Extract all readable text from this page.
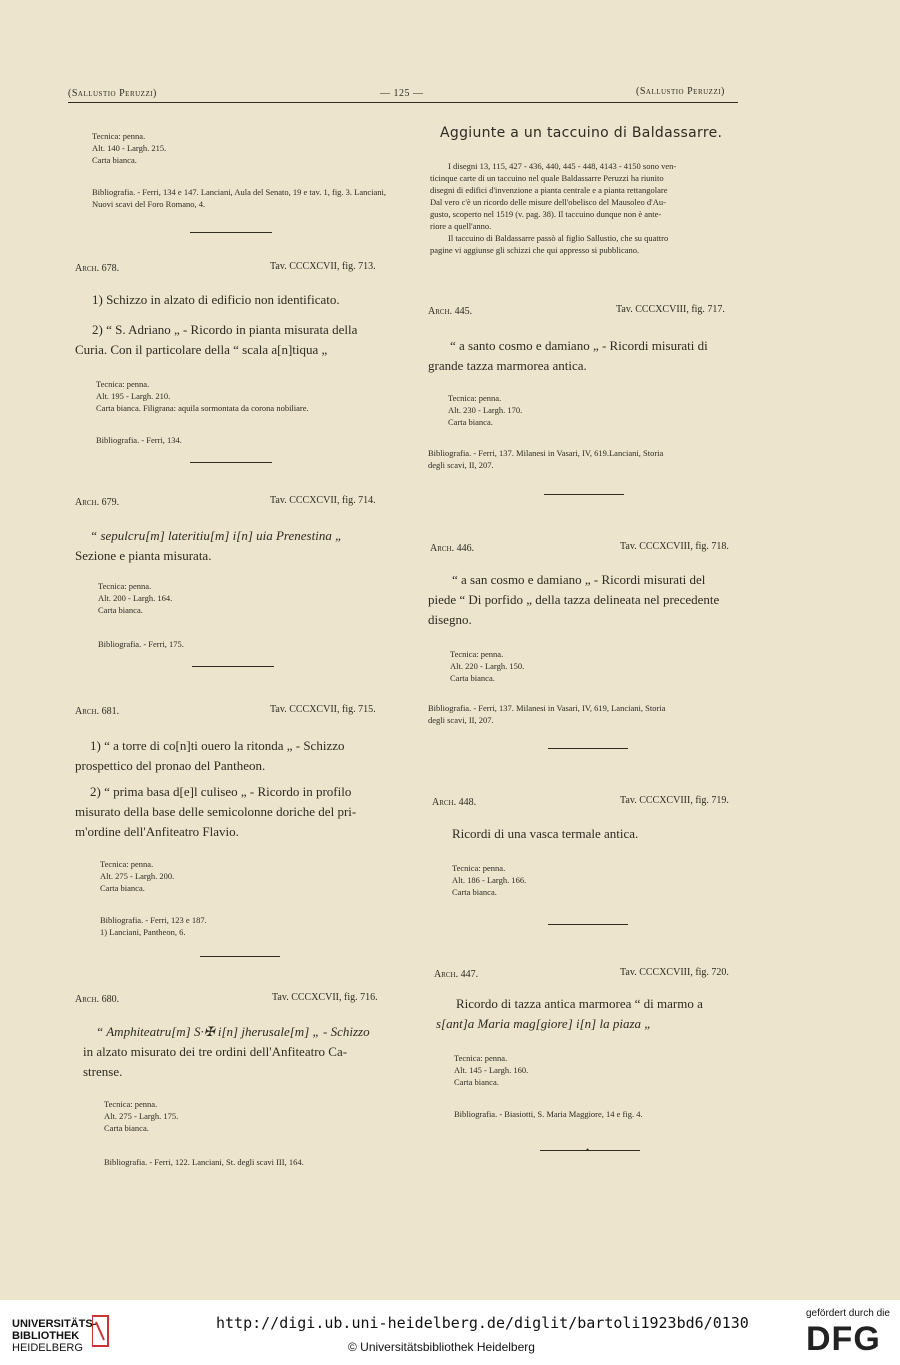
(Sallustio Peruzzi)	— 125 —	(Sallustio Peruzzi)
Tecnica: penna.
Alt. 140 - Largh. 215.
Carta bianca.
Bibliografia. - Ferri, 134 e 147. Lanciani, Aula del Senato, 19 e tav. 1, fig. 3. Lanciani, Nuovi scavi del Foro Romano, 4.
Arch. 678.	Tav. CCCXCVII, fig. 713.
1) Schizzo in alzato di edificio non identificato.
2) “ S. Adriano „ - Ricordo in pianta misurata della
Curia. Con il particolare della “ scala a[n]tiqua „
Tecnica: penna.
Alt. 195 - Largh. 210.
Carta bianca. Filigrana: aquila sormontata da corona nobiliare.
Bibliografia. - Ferri, 134.
Arch. 679.	Tav. CCCXCVII, fig. 714.
“ sepulcru[m] lateritiu[m] i[n] uia Prenestina „
Sezione e pianta misurata.
Tecnica: penna.
Alt. 200 - Largh. 164.
Carta bianca.
Bibliografia. - Ferri, 175.
Arch. 681.	Tav. CCCXCVII, fig. 715.
1) “ a torre di co[n]ti ouero la ritonda „ - Schizzo
prospettico del pronao del Pantheon.
2) “ prima basa d[e]l culiseo „ - Ricordo in profilo
misurato della base delle semicolonne doriche del pri-
m'ordine dell'Anfiteatro Flavio.
Tecnica: penna.
Alt. 275 - Largh. 200.
Carta bianca.
Bibliografia. - Ferri, 123 e 187.
1) Lanciani, Pantheon, 6.
Arch. 680.	Tav. CCCXCVII, fig. 716.
“ Amphiteatru[m] S·✠ i[n] jherusale[m] „ - Schizzo
in alzato misurato dei tre ordini dell'Anfiteatro Ca-
strense.
Tecnica: penna.
Alt. 275 - Largh. 175.
Carta bianca.
Bibliografia. - Ferri, 122. Lanciani, St. degli scavi III, 164.
Aggiunte a un taccuino di Baldassarre.
I disegni 13, 115, 427 - 436, 440, 445 - 448, 4143 - 4150 sono ven-
ticinque carte di un taccuino nel quale Baldassarre Peruzzi ha riunito
disegni di edifici d'invenzione a pianta centrale e a pianta rettangolare
Dal vero c'è un ricordo delle misure dell'obelisco del Mausoleo d'Au-
gusto, scoperto nel 1519 (v. pag. 38). Il taccuino dunque non è ante-
riore a quell'anno.
Il taccuino di Baldassarre passò al figlio Sallustio, che su quattro
pagine vi aggiunse gli schizzi che qui appresso si pubblicano.
Arch. 445.	Tav. CCCXCVIII, fig. 717.
“ a santo cosmo e damiano „ - Ricordi misurati di
grande tazza marmorea antica.
Tecnica: penna.
Alt. 230 - Largh. 170.
Carta bianca.
Bibliografia. - Ferri, 137. Milanesi in Vasari, IV, 619.Lanciani, Storia
degli scavi, II, 207.
Arch. 446.	Tav. CCCXCVIII, fig. 718.
“ a san cosmo e damiano „ - Ricordi misurati del
piede “ Di porfido „ della tazza delineata nel precedente
disegno.
Tecnica: penna.
Alt. 220 - Largh. 150.
Carta bianca.
Bibliografia. - Ferri, 137. Milanesi in Vasari, IV, 619, Lanciani, Storia
degli scavi, II, 207.
Arch. 448.	Tav. CCCXCVIII, fig. 719.
Ricordi di una vasca termale antica.
Tecnica: penna.
Alt. 186 - Largh. 166.
Carta bianca.
Arch. 447.	Tav. CCCXCVIII, fig. 720.
Ricordo di tazza antica marmorea “ di marmo a
s[ant]a Maria mag[giore] i[n] la piaza „
Tecnica: penna.
Alt. 145 - Largh. 160.
Carta bianca.
Bibliografia. - Biasiotti, S. Maria Maggiore, 14 e fig. 4.
•
UNIVERSITÄTS-
BIBLIOTHEK
HEIDELBERG
http://digi.ub.uni-heidelberg.de/diglit/bartoli1923bd6/0130
© Universitätsbibliothek Heidelberg
gefördert durch die
DFG
